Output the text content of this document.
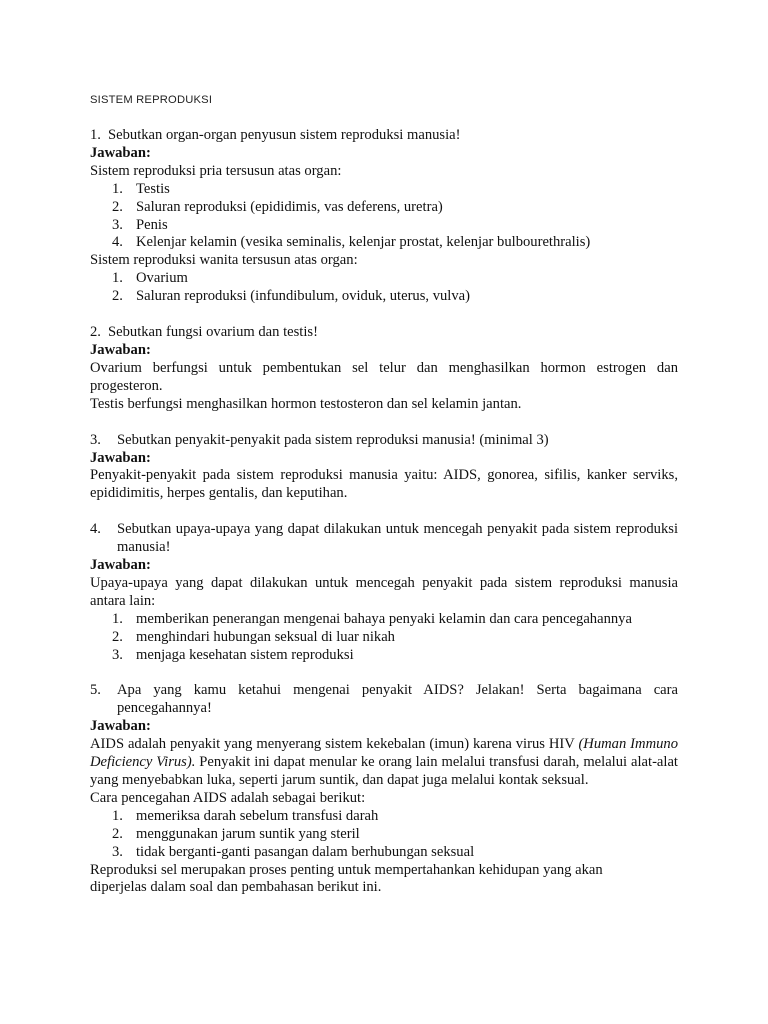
SISTEM REPRODUKSI
1. Sebutkan organ-organ penyusun sistem reproduksi manusia!

Jawaban:

Sistem reproduksi pria tersusun atas organ:

1. Testis
2. Saluran reproduksi (epididimis, vas deferens, uretra)
3. Penis
4. Kelenjar kelamin (vesika seminalis, kelenjar prostat, kelenjar bulbourethralis)

Sistem reproduksi wanita tersusun atas organ:

1. Ovarium
2. Saluran reproduksi (infundibulum, oviduk, uterus, vulva)
2. Sebutkan fungsi ovarium dan testis!

Jawaban:

Ovarium berfungsi untuk pembentukan sel telur dan menghasilkan hormon estrogen dan progesteron.

Testis berfungsi menghasilkan hormon testosteron dan sel kelamin jantan.

3.	Sebutkan penyakit-penyakit pada sistem reproduksi manusia! (minimal 3)

Jawaban:

Penyakit-penyakit pada sistem reproduksi manusia yaitu: AIDS, gonorea, sifilis, kanker serviks, epididimitis, herpes gentalis, dan keputihan.

4.	Sebutkan upaya-upaya yang dapat dilakukan untuk mencegah penyakit pada sistem reproduksi manusia!

Jawaban:

Upaya-upaya yang dapat dilakukan untuk mencegah penyakit pada sistem reproduksi manusia antara lain:

1. memberikan penerangan mengenai bahaya penyaki kelamin dan cara pencegahannya
2. menghindari hubungan seksual di luar nikah
3. menjaga kesehatan sistem reproduksi
5.	Apa yang kamu ketahui mengenai penyakit AIDS? Jelakan! Serta bagaimana cara pencegahannya!

Jawaban:

AIDS adalah penyakit yang menyerang sistem kekebalan (imun) karena virus HIV (Human Immuno Deficiency Virus). Penyakit ini dapat menular ke orang lain melalui transfusi darah, melalui alat-alat yang menyebabkan luka, seperti jarum suntik, dan dapat juga melalui kontak seksual.

Cara pencegahan AIDS adalah sebagai berikut:

1. memeriksa darah sebelum transfusi darah
2. menggunakan jarum suntik yang steril
3. tidak berganti-ganti pasangan dalam berhubungan seksual

Reproduksi sel merupakan proses penting untuk mempertahankan kehidupan yang akan
diperjelas dalam soal dan pembahasan berikut ini.
